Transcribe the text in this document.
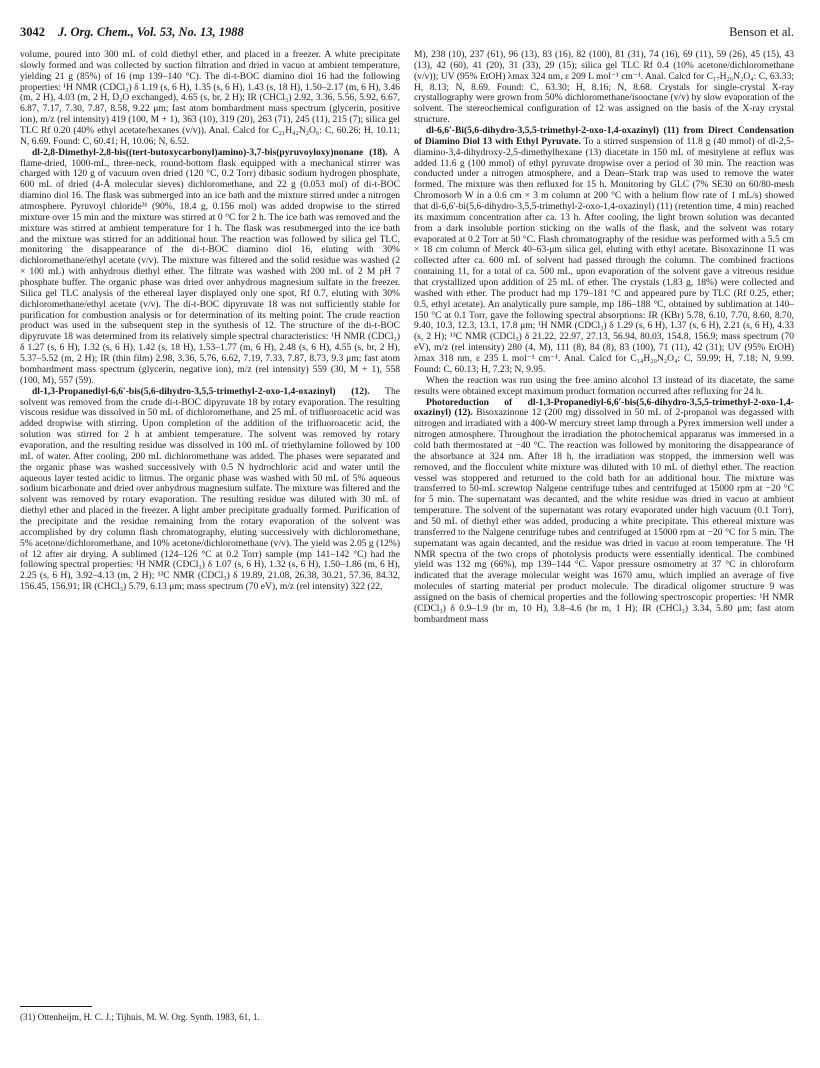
3042 J. Org. Chem., Vol. 53, No. 13, 1988	Benson et al.

volume, poured into 300 mL of cold diethyl ether, and placed in a freezer. A white precipitate slowly formed and was collected by suction filtration and dried in vacuo at ambient temperature, yielding 21 g (85%) of 16 (mp 139–140 °C). The di-t-BOC diamino diol 16 had the following properties: ¹H NMR (CDCl₃) δ 1.19 (s, 6 H), 1.35 (s, 6 H), 1.43 (s, 18 H), 1.50–2.17 (m, 6 H), 3.46 (m, 2 H), 4.03 (m, 2 H, D₂O exchanged), 4.65 (s, br, 2 H); IR (CHCl₃) 2.92, 3.36, 5.56, 5.92, 6.67, 6.87, 7.17, 7.30, 7.87, 8.58, 9.22 μm; fast atom bombardment mass spectrum (glycerin, positive ion), m/z (rel intensity) 419 (100, M + 1), 363 (10), 319 (20), 263 (71), 245 (11), 215 (7); silica gel TLC Rf 0.20 (40% ethyl acetate/hexanes (v/v)). Anal. Calcd for C₂₁H₄₂N₂O₆: C, 60.26; H, 10.11; N, 6.69. Found: C, 60.41; H, 10.06; N, 6.52.

dl-2,8-Dimethyl-2,8-bis((tert-butoxycarbonyl)amino)-3,7-bis(pyruvoyloxy)nonane (18). A flame-dried, 1000-mL, three-neck, round-bottom flask equipped with a mechanical stirrer was charged with 120 g of vacuum oven dried (120 °C, 0.2 Torr) dibasic sodium hydrogen phosphate, 600 mL of dried (4-Å molecular sieves) dichloromethane, and 22 g (0.053 mol) of di-t-BOC diamino diol 16. The flask was submerged into an ice bath and the mixture stirred under a nitrogen atmosphere. Pyruvoyl chloride³¹ (90%, 18.4 g, 0.156 mol) was added dropwise to the stirred mixture over 15 min and the mixture was stirred at 0 °C for 2 h. The ice bath was removed and the mixture was stirred at ambient temperature for 1 h. The flask was resubmerged into the ice bath and the mixture was stirred for an additional hour. The reaction was followed by silica gel TLC, monitoring the disappearance of the di-t-BOC diamino diol 16, eluting with 30% dichloromethane/ethyl acetate (v/v). The mixture was filtered and the solid residue was washed (2 × 100 mL) with anhydrous diethyl ether. The filtrate was washed with 200 mL of 2 M pH 7 phosphate buffer. The organic phase was dried over anhydrous magnesium sulfate in the freezer. Silica gel TLC analysis of the ethereal layer displayed only one spot, Rf 0.7, eluting with 30% dichloromethane/ethyl acetate (v/v). The di-t-BOC dipyruvate 18 was not sufficiently stable for purification for combustion analysis or for determination of its melting point. The crude reaction product was used in the subsequent step in the synthesis of 12. The structure of the di-t-BOC dipyruvate 18 was determined from its relatively simple spectral characteristics: ¹H NMR (CDCl₃) δ 1.27 (s, 6 H), 1.32 (s, 6 H), 1.42 (s, 18 H), 1.53–1.77 (m, 6 H), 2.48 (s, 6 H), 4.55 (s, br, 2 H), 5.37–5.52 (m, 2 H); IR (thin film) 2.98, 3.36, 5.76, 6.62, 7.19, 7.33, 7.87, 8.73, 9.3 μm; fast atom bombardment mass spectrum (glycerin, negative ion), m/z (rel intensity) 559 (30, M + 1), 558 (100, M), 557 (59).

dl-1,3-Propanediyl-6,6′-bis(5,6-dihydro-3,5,5-trimethyl-2-oxo-1,4-oxazinyl) (12). The solvent was removed from the crude di-t-BOC dipyruvate 18 by rotary evaporation. The resulting viscous residue was dissolved in 50 mL of dichloromethane, and 25 mL of trifluoroacetic acid was added dropwise with stirring. Upon completion of the addition of the trifluoroacetic acid, the solution was stirred for 2 h at ambient temperature. The solvent was removed by rotary evaporation, and the resulting residue was dissolved in 100 mL of triethylamine followed by 100 mL of water. After cooling, 200 mL dichloromethane was added. The phases were separated and the organic phase was washed successively with 0.5 N hydrochloric acid and water until the aqueous layer tested acidic to litmus. The organic phase was washed with 50 mL of 5% aqueous sodium bicarbonate and dried over anhydrous magnesium sulfate. The mixture was filtered and the solvent was removed by rotary evaporation. The resulting residue was diluted with 30 mL of diethyl ether and placed in the freezer. A light amber precipitate gradually formed. Purification of the precipitate and the residue remaining from the rotary evaporation of the solvent was accomplished by dry column flash chromatography, eluting successively with dichloromethane, 5% acetone/dichloromethane, and 10% acetone/dichloromethane (v/v). The yield was 2.05 g (12%) of 12 after air drying. A sublimed (124–126 °C at 0.2 Torr) sample (mp 141–142 °C) had the following spectral properties: ¹H NMR (CDCl₃) δ 1.07 (s, 6 H), 1.32 (s, 6 H), 1.50–1.86 (m, 6 H), 2.25 (s, 6 H), 3.92–4.13 (m, 2 H); ¹³C NMR (CDCl₃) δ 19.89, 21.08, 26.38, 30.21, 57.36, 84.32, 156.45, 156.91; IR (CHCl₃) 5.79, 6.13 μm; mass spectrum (70 eV), m/z (rel intensity) 322 (22,

M), 238 (10), 237 (61), 96 (13), 83 (16), 82 (100), 81 (31), 74 (16), 69 (11), 59 (26), 45 (15), 43 (13), 42 (60), 41 (20), 31 (33), 29 (15); silica gel TLC Rf 0.4 (10% acetone/dichloromethane (v/v)); UV (95% EtOH) λmax 324 nm, ε 209 L mol⁻¹ cm⁻¹. Anal. Calcd for C₁₇H₂₆N₂O₄: C, 63.33; H, 8.13; N, 8.69. Found: C, 63.30; H, 8.16; N, 8.68. Crystals for single-crystal X-ray crystallography were grown from 50% dichloromethane/isooctane (v/v) by slow evaporation of the solvent. The stereochemical configuration of 12 was assigned on the basis of the X-ray crystal structure.

dl-6,6′-Bi(5,6-dihydro-3,5,5-trimethyl-2-oxo-1,4-oxazinyl) (11) from Direct Condensation of Diamino Diol 13 with Ethyl Pyruvate. To a stirred suspension of 11.8 g (40 mmol) of dl-2,5-diamino-3,4-dihydroxy-2,5-dimethylhexane (13) diacetate in 150 mL of mesitylene at reflux was added 11.6 g (100 mmol) of ethyl pyruvate dropwise over a period of 30 min. The reaction was conducted under a nitrogen atmosphere, and a Dean–Stark trap was used to remove the water formed. The mixture was then refluxed for 15 h. Monitoring by GLC (7% SE30 on 60/80-mesh Chromosorb W in a 0.6 cm × 3 m column at 200 °C with a helium flow rate of 1 mL/s) showed that dl-6,6′-bi(5,6-dihydro-3,5,5-trimethyl-2-oxo-1,4-oxazinyl) (11) (retention time, 4 min) reached its maximum concentration after ca. 13 h. After cooling, the light brown solution was decanted from a dark insoluble portion sticking on the walls of the flask, and the solvent was rotary evaporated at 0.2 Torr at 50 °C. Flash chromatography of the residue was performed with a 5.5 cm × 18 cm column of Merck 40–63-μm silica gel, eluting with ethyl acetate. Bisoxazinone 11 was collected after ca. 600 mL of solvent had passed through the column. The combined fractions containing 11, for a total of ca. 500 mL, upon evaporation of the solvent gave a vitreous residue that crystallized upon addition of 25 mL of ether. The crystals (1.83 g, 18%) were collected and washed with ether. The product had mp 179–181 °C and appeared pure by TLC (Rf 0.25, ether; 0.5, ethyl acetate). An analytically pure sample, mp 186–188 °C, obtained by sublimation at 140–150 °C at 0.1 Torr, gave the following spectral absorptions: IR (KBr) 5.78, 6.10, 7.70, 8.60, 8.70, 9.40, 10.3, 12.3, 13.1, 17.8 μm; ¹H NMR (CDCl₃) δ 1.29 (s, 6 H), 1.37 (s, 6 H), 2.21 (s, 6 H), 4.33 (s, 2 H); ¹³C NMR (CDCl₃) δ 21.22, 22.97, 27.13, 56.94, 80.03, 154.8, 156.9; mass spectrum (70 eV), m/z (rel intensity) 280 (4, M), 111 (8), 84 (8), 83 (100), 71 (11), 42 (31); UV (95% EtOH) λmax 318 nm, ε 235 L mol⁻¹ cm⁻¹. Anal. Calcd for C₁₄H₂₀N₂O₄: C, 59.99; H, 7.18; N, 9.99. Found: C, 60.13; H, 7.23; N, 9.95.

When the reaction was run using the free amino alcohol 13 instead of its diacetate, the same results were obtained except maximum product formation occurred after refluxing for 24 h.

Photoreduction of dl-1,3-Propanediyl-6,6′-bis(5,6-dihydro-3,5,5-trimethyl-2-oxo-1,4-oxazinyl) (12). Bisoxazinone 12 (200 mg) dissolved in 50 mL of 2-propanol was degassed with nitrogen and irradiated with a 400-W mercury street lamp through a Pyrex immersion well under a nitrogen atmosphere. Throughout the irradiation the photochemical apparatus was immersed in a cold bath thermostated at −40 °C. The reaction was followed by monitoring the disappearance of the absorbance at 324 nm. After 18 h, the irradiation was stopped, the immersion well was removed, and the flocculent white mixture was diluted with 10 mL of diethyl ether. The reaction vessel was stoppered and returned to the cold bath for an additional hour. The mixture was transferred to 50-mL screwtop Nalgene centrifuge tubes and centrifuged at 15000 rpm at −20 °C for 5 min. The supernatant was decanted, and the white residue was dried in vacuo at ambient temperature. The solvent of the supernatant was rotary evaporated under high vacuum (0.1 Torr), and 50 mL of diethyl ether was added, producing a white precipitate. This ethereal mixture was transferred to the Nalgene centrifuge tubes and centrifuged at 15000 rpm at −20 °C for 5 min. The supernatant was again decanted, and the residue was dried in vacuo at room temperature. The ¹H NMR spectra of the two crops of photolysis products were essentially identical. The combined yield was 132 mg (66%), mp 139–144 °C. Vapor pressure osmometry at 37 °C in chloroform indicated that the average molecular weight was 1670 amu, which implied an average of five molecules of starting material per product molecule. The diradical oligomer structure 9 was assigned on the basis of chemical properties and the following spectroscopic properties: ¹H NMR (CDCl₃) δ 0.9–1.9 (br m, 10 H), 3.8–4.6 (br m, 1 H); IR (CHCl₃) 3.34, 5.80 μm; fast atom bombardment mass

(31) Ottenheijm, H. C. J.; Tijhuis, M. W. Org. Synth. 1983, 61, 1.
